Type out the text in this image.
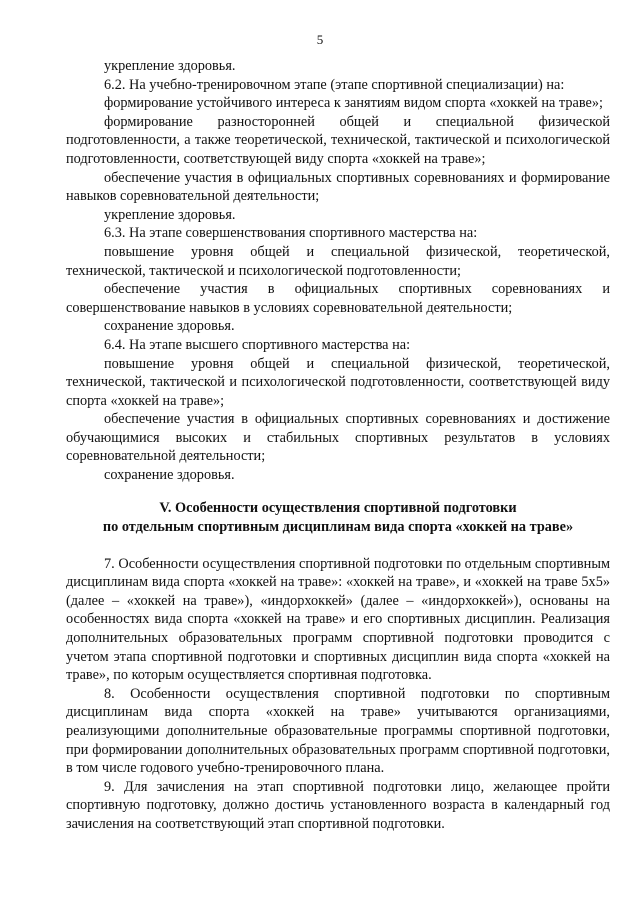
5

укрепление здоровья.

6.2. На учебно-тренировочном этапе (этапе спортивной специализации) на:

формирование устойчивого интереса к занятиям видом спорта «хоккей на траве»;

формирование разносторонней общей и специальной физической подготовленности, а также теоретической, технической, тактической и психологической подготовленности, соответствующей виду спорта «хоккей на траве»;

обеспечение участия в официальных спортивных соревнованиях и формирование навыков соревновательной деятельности;

укрепление здоровья.

6.3. На этапе совершенствования спортивного мастерства на:

повышение уровня общей и специальной физической, теоретической, технической, тактической и психологической подготовленности;

обеспечение участия в официальных спортивных соревнованиях и совершенствование навыков в условиях соревновательной деятельности;

сохранение здоровья.

6.4. На этапе высшего спортивного мастерства на:

повышение уровня общей и специальной физической, теоретической, технической, тактической и психологической подготовленности, соответствующей виду спорта «хоккей на траве»;

обеспечение участия в официальных спортивных соревнованиях и достижение обучающимися высоких и стабильных спортивных результатов в условиях соревновательной деятельности;

сохранение здоровья.

V. Особенности осуществления спортивной подготовки
по отдельным спортивным дисциплинам вида спорта «хоккей на траве»

7. Особенности осуществления спортивной подготовки по отдельным спортивным дисциплинам вида спорта «хоккей на траве»: «хоккей на траве», и «хоккей на траве 5х5» (далее – «хоккей на траве»), «индорхоккей» (далее – «индорхоккей»), основаны на особенностях вида спорта «хоккей на траве» и его спортивных дисциплин. Реализация дополнительных образовательных программ спортивной подготовки проводится с учетом этапа спортивной подготовки и спортивных дисциплин вида спорта «хоккей на траве», по которым осуществляется спортивная подготовка.

8. Особенности осуществления спортивной подготовки по спортивным дисциплинам вида спорта «хоккей на траве» учитываются организациями, реализующими дополнительные образовательные программы спортивной подготовки, при формировании дополнительных образовательных программ спортивной подготовки, в том числе годового учебно-тренировочного плана.

9. Для зачисления на этап спортивной подготовки лицо, желающее пройти спортивную подготовку, должно достичь установленного возраста в календарный год зачисления на соответствующий этап спортивной подготовки.
